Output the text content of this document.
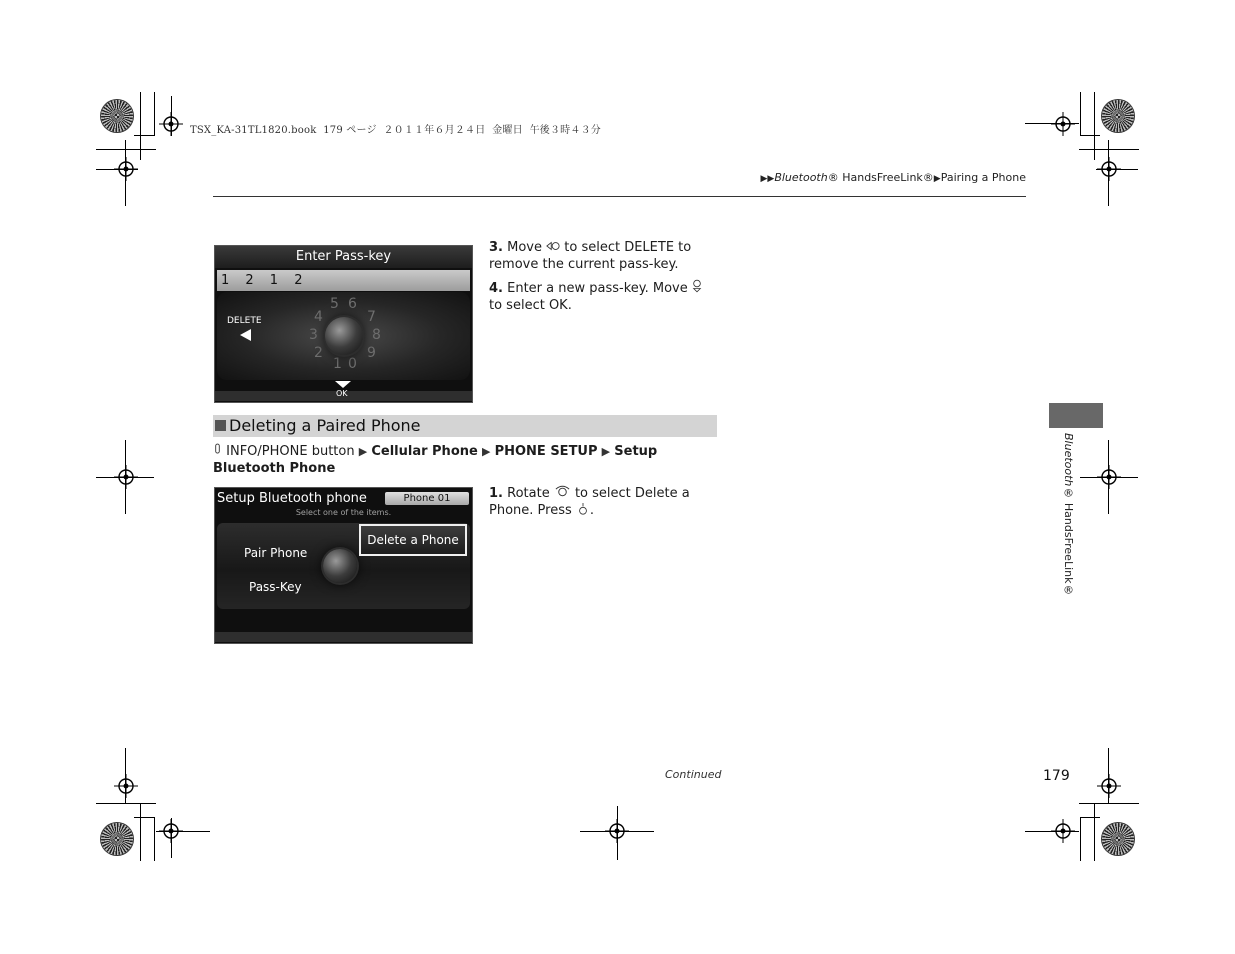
TSX_KA-31TL1820.book  179 ページ  ２０１１年６月２４日  金曜日  午後３時４３分
▶▶Bluetooth® HandsFreeLink®▶Pairing a Phone
Enter Pass-key
1 2 1 2
5 6
4	7
3	8
2	9
1 0
DELETE
OK
3. Move  to select DELETE to remove the current pass-key.
4. Enter a new pass-key. Move  to select OK.
Deleting a Paired Phone
INFO/PHONE button ▶ Cellular Phone ▶ PHONE SETUP ▶ Setup Bluetooth Phone
Setup Bluetooth phone	Phone 01
Select one of the items.
Pair Phone
Pass-Key
Delete a Phone
1. Rotate  to select Delete a Phone. Press .
Bluetooth® HandsFreeLink®
Continued	179
